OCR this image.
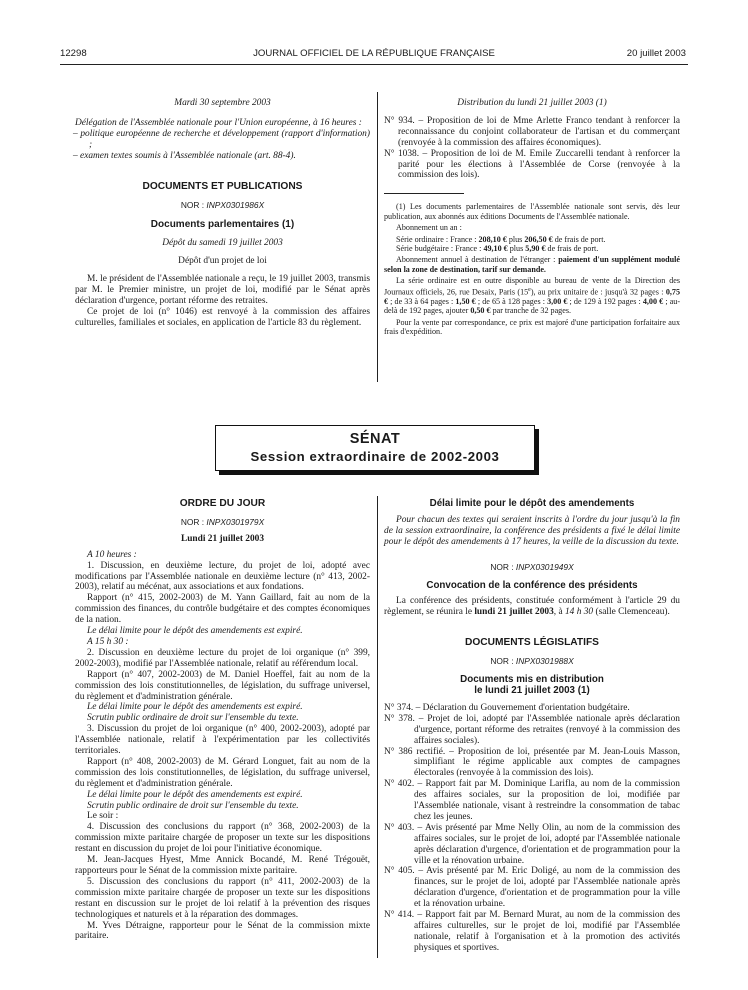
12298	JOURNAL OFFICIEL DE LA RÉPUBLIQUE FRANÇAISE	20 juillet 2003

Mardi 30 septembre 2003

Délégation de l'Assemblée nationale pour l'Union européenne, à 16 heures :

– politique européenne de recherche et développement (rapport d'information) ;

– examen textes soumis à l'Assemblée nationale (art. 88-4).

DOCUMENTS ET PUBLICATIONS

NOR : INPX0301986X

Documents parlementaires (1)

Dépôt du samedi 19 juillet 2003

Dépôt d'un projet de loi

M. le président de l'Assemblée nationale a reçu, le 19 juillet 2003, transmis par M. le Premier ministre, un projet de loi, modifié par le Sénat après déclaration d'urgence, portant réforme des retraites.

Ce projet de loi (n° 1046) est renvoyé à la commission des affaires culturelles, familiales et sociales, en application de l'article 83 du règlement.

Distribution du lundi 21 juillet 2003 (1)

N° 934. – Proposition de loi de Mme Arlette Franco tendant à renforcer la reconnaissance du conjoint collaborateur de l'artisan et du commerçant (renvoyée à la commission des affaires économiques).

N° 1038. – Proposition de loi de M. Emile Zuccarelli tendant à renforcer la parité pour les élections à l'Assemblée de Corse (renvoyée à la commission des lois).

(1) Les documents parlementaires de l'Assemblée nationale sont servis, dès leur publication, aux abonnés aux éditions Documents de l'Assemblée nationale.

Abonnement un an :

Série ordinaire : France : 208,10 € plus 206,50 € de frais de port.

Série budgétaire : France : 49,10 € plus 5,90 € de frais de port.

Abonnement annuel à destination de l'étranger : paiement d'un supplément modulé selon la zone de destination, tarif sur demande.

La série ordinaire est en outre disponible au bureau de vente de la Direction des Journaux officiels, 26, rue Desaix, Paris (15e), au prix unitaire de : jusqu'à 32 pages : 0,75 € ; de 33 à 64 pages : 1,50 € ; de 65 à 128 pages : 3,00 € ; de 129 à 192 pages : 4,00 € ; au-delà de 192 pages, ajouter 0,50 € par tranche de 32 pages.

Pour la vente par correspondance, ce prix est majoré d'une participation forfaitaire aux frais d'expédition.

SÉNAT
Session extraordinaire de 2002-2003

ORDRE DU JOUR

NOR : INPX0301979X

Lundi 21 juillet 2003

A 10 heures :

1. Discussion, en deuxième lecture, du projet de loi, adopté avec modifications par l'Assemblée nationale en deuxième lecture (n° 413, 2002-2003), relatif au mécénat, aux associations et aux fondations.

Rapport (n° 415, 2002-2003) de M. Yann Gaillard, fait au nom de la commission des finances, du contrôle budgétaire et des comptes économiques de la nation.

Le délai limite pour le dépôt des amendements est expiré.

A 15 h 30 :

2. Discussion en deuxième lecture du projet de loi organique (n° 399, 2002-2003), modifié par l'Assemblée nationale, relatif au référendum local.

Rapport (n° 407, 2002-2003) de M. Daniel Hoeffel, fait au nom de la commission des lois constitutionnelles, de législation, du suffrage universel, du règlement et d'administration générale.

Le délai limite pour le dépôt des amendements est expiré.

Scrutin public ordinaire de droit sur l'ensemble du texte.

3. Discussion du projet de loi organique (n° 400, 2002-2003), adopté par l'Assemblée nationale, relatif à l'expérimentation par les collectivités territoriales.

Rapport (n° 408, 2002-2003) de M. Gérard Longuet, fait au nom de la commission des lois constitutionnelles, de législation, du suffrage universel, du règlement et d'administration générale.

Le délai limite pour le dépôt des amendements est expiré.

Scrutin public ordinaire de droit sur l'ensemble du texte.

Le soir :

4. Discussion des conclusions du rapport (n° 368, 2002-2003) de la commission mixte paritaire chargée de proposer un texte sur les dispositions restant en discussion du projet de loi pour l'initiative économique.

M. Jean-Jacques Hyest, Mme Annick Bocandé, M. René Trégouët, rapporteurs pour le Sénat de la commission mixte paritaire.

5. Discussion des conclusions du rapport (n° 411, 2002-2003) de la commission mixte paritaire chargée de proposer un texte sur les dispositions restant en discussion sur le projet de loi relatif à la prévention des risques technologiques et naturels et à la réparation des dommages.

M. Yves Détraigne, rapporteur pour le Sénat de la commission mixte paritaire.

Délai limite pour le dépôt des amendements

Pour chacun des textes qui seraient inscrits à l'ordre du jour jusqu'à la fin de la session extraordinaire, la conférence des présidents a fixé le délai limite pour le dépôt des amendements à 17 heures, la veille de la discussion du texte.

NOR : INPX0301949X

Convocation de la conférence des présidents

La conférence des présidents, constituée conformément à l'article 29 du règlement, se réunira le lundi 21 juillet 2003, à 14 h 30 (salle Clemenceau).

DOCUMENTS LÉGISLATIFS

NOR : INPX0301988X

Documents mis en distribution

le lundi 21 juillet 2003 (1)

N° 374. – Déclaration du Gouvernement d'orientation budgétaire.

N° 378. – Projet de loi, adopté par l'Assemblée nationale après déclaration d'urgence, portant réforme des retraites (renvoyé à la commission des affaires sociales).

N° 386 rectifié. – Proposition de loi, présentée par M. Jean-Louis Masson, simplifiant le régime applicable aux comptes de campagnes électorales (renvoyée à la commission des lois).

N° 402. – Rapport fait par M. Dominique Larifla, au nom de la commission des affaires sociales, sur la proposition de loi, modifiée par l'Assemblée nationale, visant à restreindre la consommation de tabac chez les jeunes.

N° 403. – Avis présenté par Mme Nelly Olin, au nom de la commission des affaires sociales, sur le projet de loi, adopté par l'Assemblée nationale après déclaration d'urgence, d'orientation et de programmation pour la ville et la rénovation urbaine.

N° 405. – Avis présenté par M. Eric Doligé, au nom de la commission des finances, sur le projet de loi, adopté par l'Assemblée nationale après déclaration d'urgence, d'orientation et de programmation pour la ville et la rénovation urbaine.

N° 414. – Rapport fait par M. Bernard Murat, au nom de la commission des affaires culturelles, sur le projet de loi, modifié par l'Assemblée nationale, relatif à l'organisation et à la promotion des activités physiques et sportives.
